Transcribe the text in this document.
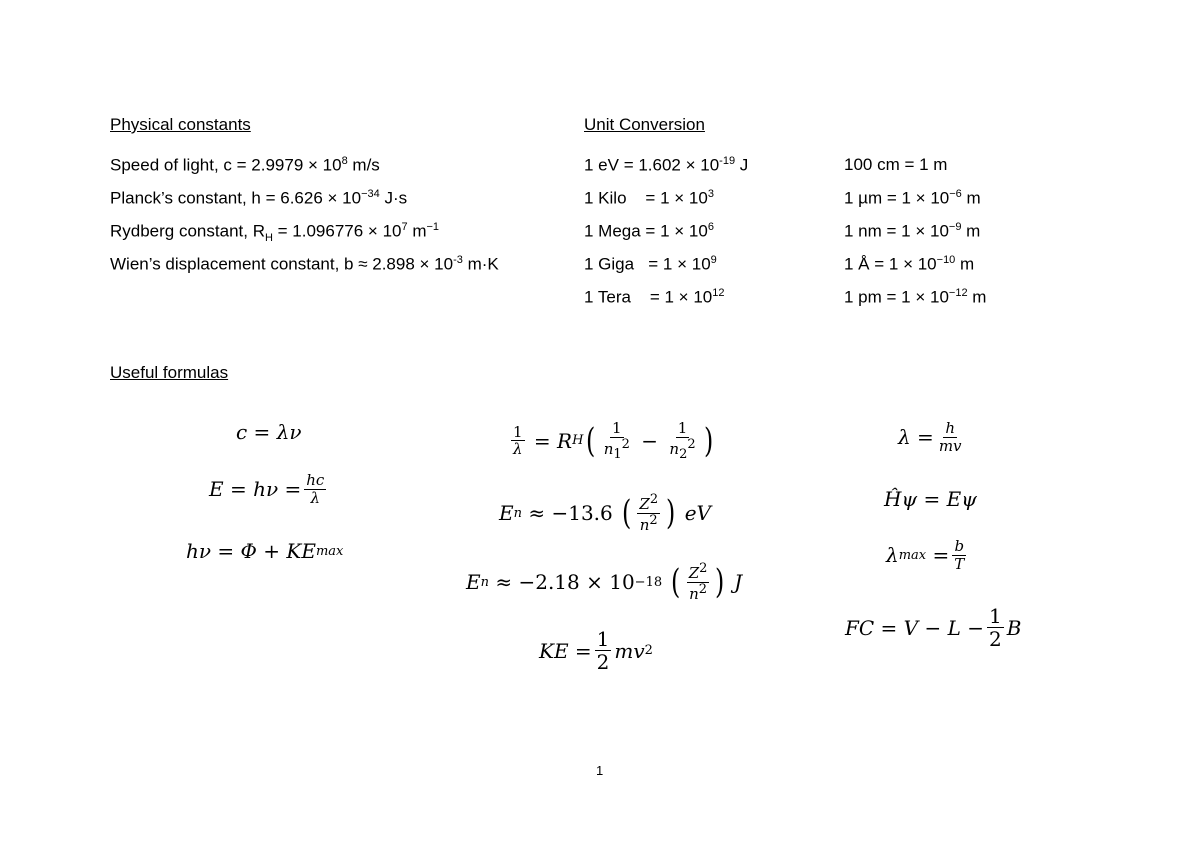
Physical constants
Speed of light, $c = 2.9979 \times 10^8$ m/s
Planck’s constant, $h = 6.626 \times 10^{-34}$ J·s
Rydberg constant, $R_H = 1.096776 \times 10^7$ $m^{-1}$
Wien’s displacement constant, $b \approx 2.898 \times 10^{-3}$ m·K
Unit Conversion
1 eV = $1.602 \times 10^{-19}$ J
1 Kilo    = $1 \times 10^3$
1 Mega = $1 \times 10^6$
1 Giga   = $1 \times 10^9$
1 Tera    = $1 \times 10^{12}$
100 cm = 1 m
1 $\mu m = 1 \times 10^{-6}$ m
1 nm = $1 \times 10^{-9}$ m
1 Å = $1 \times 10^{-10}$ m
1 pm = $1 \times 10^{-12}$ m
Useful formulas
c = λν
$E = h\nu = \frac{hc}{\lambda}$
hν = Φ + KE max
$\frac{1}{\lambda} = R$ H ( $\frac{1}{n_1^2} - \frac{1}{n_2^2}$ )
E n ≈ −13.6 ( $\frac{Z^2}{n^2}$ )
eV
E n ≈ −2.18 × 10 −18
( $\frac{Z^2}{n^2}$ )
J
KE = $\frac{1}{2}$ mv 2
$\lambda = \frac{h}{mv}$
Ĥψ = Eψ
λ $\max = \frac{b}{T}$
FC = $V - L - \frac{1}{2}$ B
1
